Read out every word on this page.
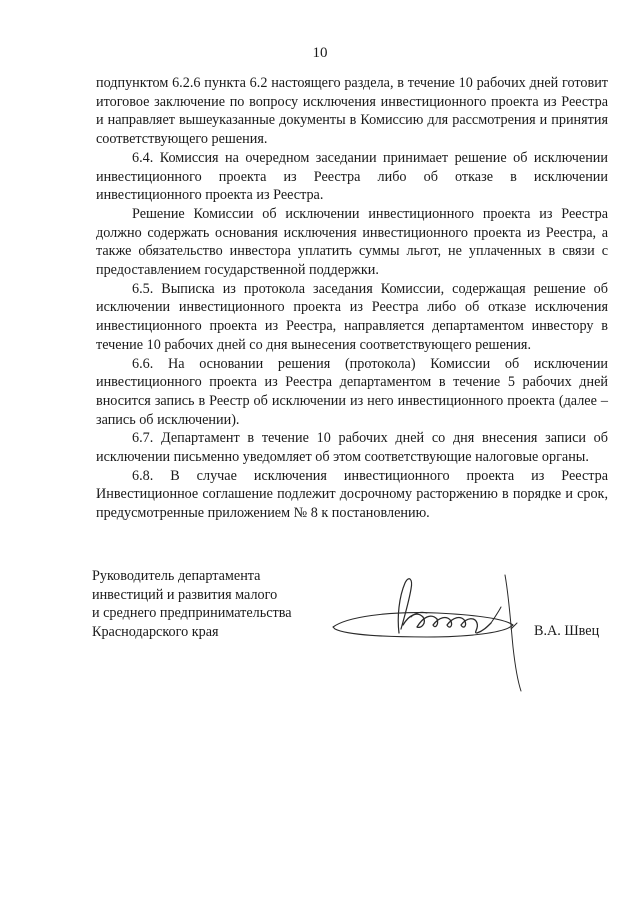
10

подпунктом 6.2.6 пункта 6.2 настоящего раздела, в течение 10 рабочих дней готовит итоговое заключение по вопросу исключения инвестиционного проекта из Реестра и направляет вышеуказанные документы в Комиссию для рассмотрения и принятия соответствующего решения.

6.4. Комиссия на очередном заседании принимает решение об исключении инвестиционного проекта из Реестра либо об отказе в исключении инвестиционного проекта из Реестра.

Решение Комиссии об исключении инвестиционного проекта из Реестра должно содержать основания исключения инвестиционного проекта из Реестра, а также обязательство инвестора уплатить суммы льгот, не уплаченных в связи с предоставлением государственной поддержки.

6.5. Выписка из протокола заседания Комиссии, содержащая решение об исключении инвестиционного проекта из Реестра либо об отказе исключения инвестиционного проекта из Реестра, направляется департаментом инвестору в течение 10 рабочих дней со дня вынесения соответствующего решения.

6.6. На основании решения (протокола) Комиссии об исключении инвестиционного проекта из Реестра департаментом в течение 5 рабочих дней вносится запись в Реестр об исключении из него инвестиционного проекта (далее – запись об исключении).

6.7. Департамент в течение 10 рабочих дней со дня внесения записи об исключении письменно уведомляет об этом соответствующие налоговые органы.

6.8. В случае исключения инвестиционного проекта из Реестра Инвестиционное соглашение подлежит досрочному расторжению в порядке и срок, предусмотренные приложением № 8 к постановлению.

Руководитель департамента
инвестиций и развития малого
и среднего предпринимательства
Краснодарского края	В.А. Швец
